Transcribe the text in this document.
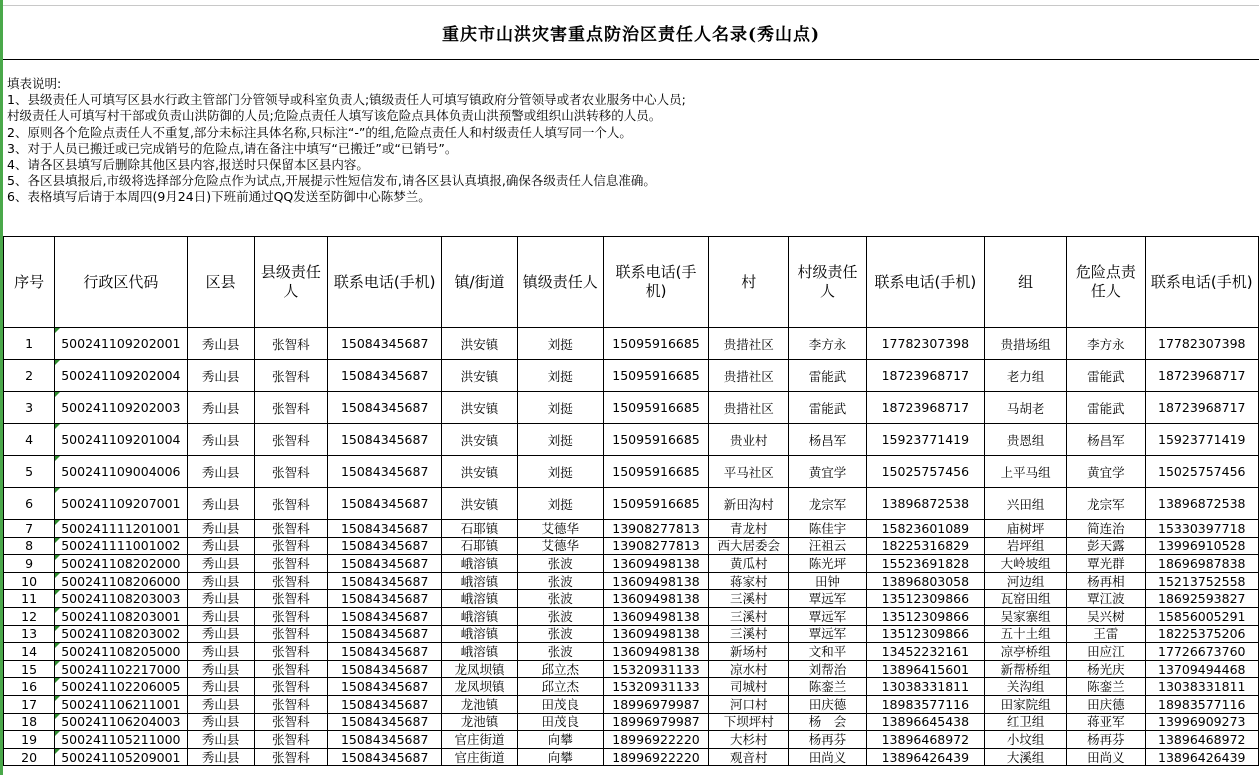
重庆市山洪灾害重点防治区责任人名录(秀山点)
填表说明:
1、县级责任人可填写区县水行政主管部门分管领导或科室负责人;镇级责任人可填写镇政府分管领导或者农业服务中心人员;
村级责任人可填写村干部或负责山洪防御的人员;危险点责任人填写该危险点具体负责山洪预警或组织山洪转移的人员。
2、原则各个危险点责任人不重复,部分未标注具体名称,只标注“-”的组,危险点责任人和村级责任人填写同一个人。
3、对于人员已搬迁或已完成销号的危险点,请在备注中填写“已搬迁”或“已销号”。
4、请各区县填写后删除其他区县内容,报送时只保留本区县内容。
5、各区县填报后,市级将选择部分危险点作为试点,开展提示性短信发布,请各区县认真填报,确保各级责任人信息准确。
6、表格填写后请于本周四(9月24日)下班前通过QQ发送至防御中心陈梦兰。
序号	行政区代码	区县	县级责任人	联系电话(手机)	镇/街道	镇级责任人	联系电话(手机)	村	村级责任人	联系电话(手机)	组	危险点责任人	联系电话(手机)
1	500241109202001	秀山县	张智科	15084345687	洪安镇	刘挺	15095916685	贵措社区	李方永	17782307398	贵措场组	李方永	17782307398
2	500241109202004	秀山县	张智科	15084345687	洪安镇	刘挺	15095916685	贵措社区	雷能武	18723968717	老力组	雷能武	18723968717
3	500241109202003	秀山县	张智科	15084345687	洪安镇	刘挺	15095916685	贵措社区	雷能武	18723968717	马胡老	雷能武	18723968717
4	500241109201004	秀山县	张智科	15084345687	洪安镇	刘挺	15095916685	贵业村	杨昌军	15923771419	贵恩组	杨昌军	15923771419
5	500241109004006	秀山县	张智科	15084345687	洪安镇	刘挺	15095916685	平马社区	黄宜学	15025757456	上平马组	黄宜学	15025757456
6	500241109207001	秀山县	张智科	15084345687	洪安镇	刘挺	15095916685	新田沟村	龙宗军	13896872538	兴田组	龙宗军	13896872538
7	500241111201001	秀山县	张智科	15084345687	石耶镇	艾德华	13908277813	青龙村	陈佳宇	15823601089	庙树坪	简连治	15330397718
8	500241111001002	秀山县	张智科	15084345687	石耶镇	艾德华	13908277813	西大居委会	汪祖云	18225316829	岩坪组	彭天露	13996910528
9	500241108202000	秀山县	张智科	15084345687	峨溶镇	张波	13609498138	黄瓜村	陈光坪	15523691828	大岭坡组	覃光群	18696987838
10	500241108206000	秀山县	张智科	15084345687	峨溶镇	张波	13609498138	蒋家村	田钟	13896803058	河边组	杨再相	15213752558
11	500241108203003	秀山县	张智科	15084345687	峨溶镇	张波	13609498138	三溪村	覃远军	13512309866	瓦窑田组	覃江波	18692593827
12	500241108203001	秀山县	张智科	15084345687	峨溶镇	张波	13609498138	三溪村	覃远军	13512309866	吴家寨组	吴兴树	15856005291
13	500241108203002	秀山县	张智科	15084345687	峨溶镇	张波	13609498138	三溪村	覃远军	13512309866	五十土组	王雷	18225375206
14	500241108205000	秀山县	张智科	15084345687	峨溶镇	张波	13609498138	新场村	文和平	13452232161	凉亭桥组	田应江	17726673760
15	500241102217000	秀山县	张智科	15084345687	龙凤坝镇	邱立杰	15320931133	凉水村	刘帮治	13896415601	新帮桥组	杨光庆	13709494468
16	500241102206005	秀山县	张智科	15084345687	龙凤坝镇	邱立杰	15320931133	司城村	陈銮兰	13038331811	关沟组	陈銮兰	13038331811
17	500241106211001	秀山县	张智科	15084345687	龙池镇	田茂良	18996979987	河口村	田庆德	18983577116	田家院组	田庆德	18983577116
18	500241106204003	秀山县	张智科	15084345687	龙池镇	田茂良	18996979987	下坝坪村	杨　会	13896645438	红卫组	蒋亚军	13996909273
19	500241105211000	秀山县	张智科	15084345687	官庄街道	向攀	18996922220	大杉村	杨再芬	13896468972	小坟组	杨再芬	13896468972
20	500241105209001	秀山县	张智科	15084345687	官庄街道	向攀	18996922220	观音村	田尚义	13896426439	大溪组	田尚义	13896426439
